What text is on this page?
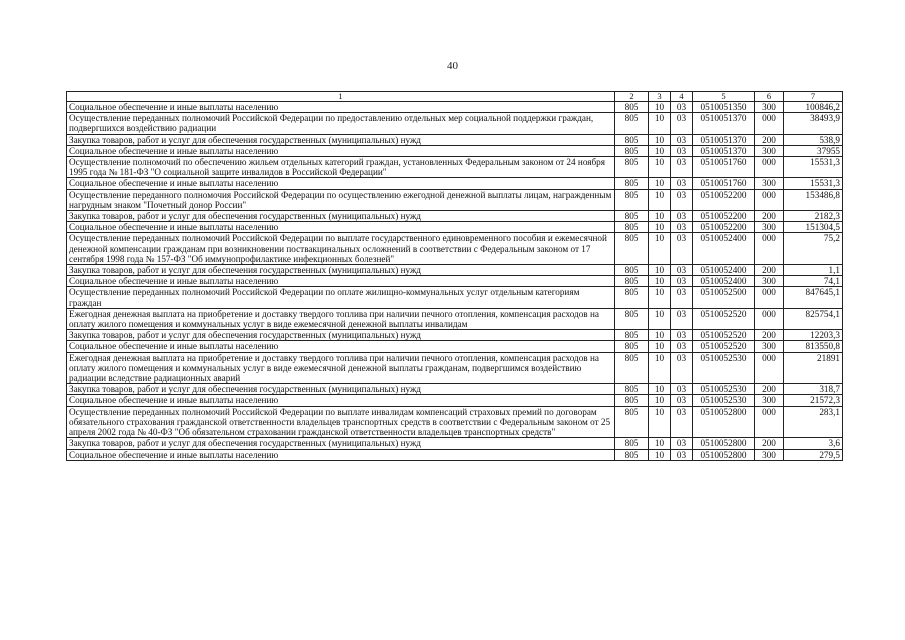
40
1	2	3	4	5	6	7
Социальное обеспечение и иные выплаты населению	805	10	03	0510051350	300	100846,2
Осуществление переданных полномочий Российской Федерации по предоставлению отдельных мер социальной поддержки граждан, подвергшихся воздействию радиации	805	10	03	0510051370	000	38493,9
Закупка товаров, работ и услуг для обеспечения государственных (муниципальных) нужд	805	10	03	0510051370	200	538,9
Социальное обеспечение и иные выплаты населению	805	10	03	0510051370	300	37955
Осуществление полномочий по обеспечению жильем отдельных категорий граждан, установленных Федеральным законом от 24 ноября 1995 года № 181-ФЗ "О социальной защите инвалидов в Российской Федерации"	805	10	03	0510051760	000	15531,3
Социальное обеспечение и иные выплаты населению	805	10	03	0510051760	300	15531,3
Осуществление переданного полномочия Российской Федерации по осуществлению ежегодной денежной выплаты лицам, награжденным нагрудным знаком "Почетный донор России"	805	10	03	0510052200	000	153486,8
Закупка товаров, работ и услуг для обеспечения государственных (муниципальных) нужд	805	10	03	0510052200	200	2182,3
Социальное обеспечение и иные выплаты населению	805	10	03	0510052200	300	151304,5
Осуществление переданных полномочий Российской Федерации по выплате государственного единовременного пособия и ежемесячной денежной компенсации гражданам при возникновении поствакцинальных осложнений в соответствии с Федеральным законом от 17 сентября 1998 года № 157-ФЗ "Об иммунопрофилактике инфекционных болезней"	805	10	03	0510052400	000	75,2
Закупка товаров, работ и услуг для обеспечения государственных (муниципальных) нужд	805	10	03	0510052400	200	1,1
Социальное обеспечение и иные выплаты населению	805	10	03	0510052400	300	74,1
Осуществление переданных полномочий Российской Федерации по оплате жилищно-коммунальных услуг отдельным категориям граждан	805	10	03	0510052500	000	847645,1
Ежегодная денежная выплата на приобретение и доставку твердого топлива при наличии печного отопления, компенсация расходов на оплату жилого помещения и коммунальных услуг в виде ежемесячной денежной выплаты инвалидам	805	10	03	0510052520	000	825754,1
Закупка товаров, работ и услуг для обеспечения государственных (муниципальных) нужд	805	10	03	0510052520	200	12203,3
Социальное обеспечение и иные выплаты населению	805	10	03	0510052520	300	813550,8
Ежегодная денежная выплата на приобретение и доставку твердого топлива при наличии печного отопления, компенсация расходов на оплату жилого помещения и коммунальных услуг в виде ежемесячной денежной выплаты гражданам, подвергшимся воздействию радиации вследствие радиационных аварий	805	10	03	0510052530	000	21891
Закупка товаров, работ и услуг для обеспечения государственных (муниципальных) нужд	805	10	03	0510052530	200	318,7
Социальное обеспечение и иные выплаты населению	805	10	03	0510052530	300	21572,3
Осуществление переданных полномочий Российской Федерации по выплате инвалидам компенсаций страховых премий по договорам обязательного страхования гражданской ответственности владельцев транспортных средств в соответствии с Федеральным законом от 25 апреля 2002 года № 40-ФЗ "Об обязательном страховании гражданской ответственности владельцев транспортных средств"	805	10	03	0510052800	000	283,1
Закупка товаров, работ и услуг для обеспечения государственных (муниципальных) нужд	805	10	03	0510052800	200	3,6
Социальное обеспечение и иные выплаты населению	805	10	03	0510052800	300	279,5
